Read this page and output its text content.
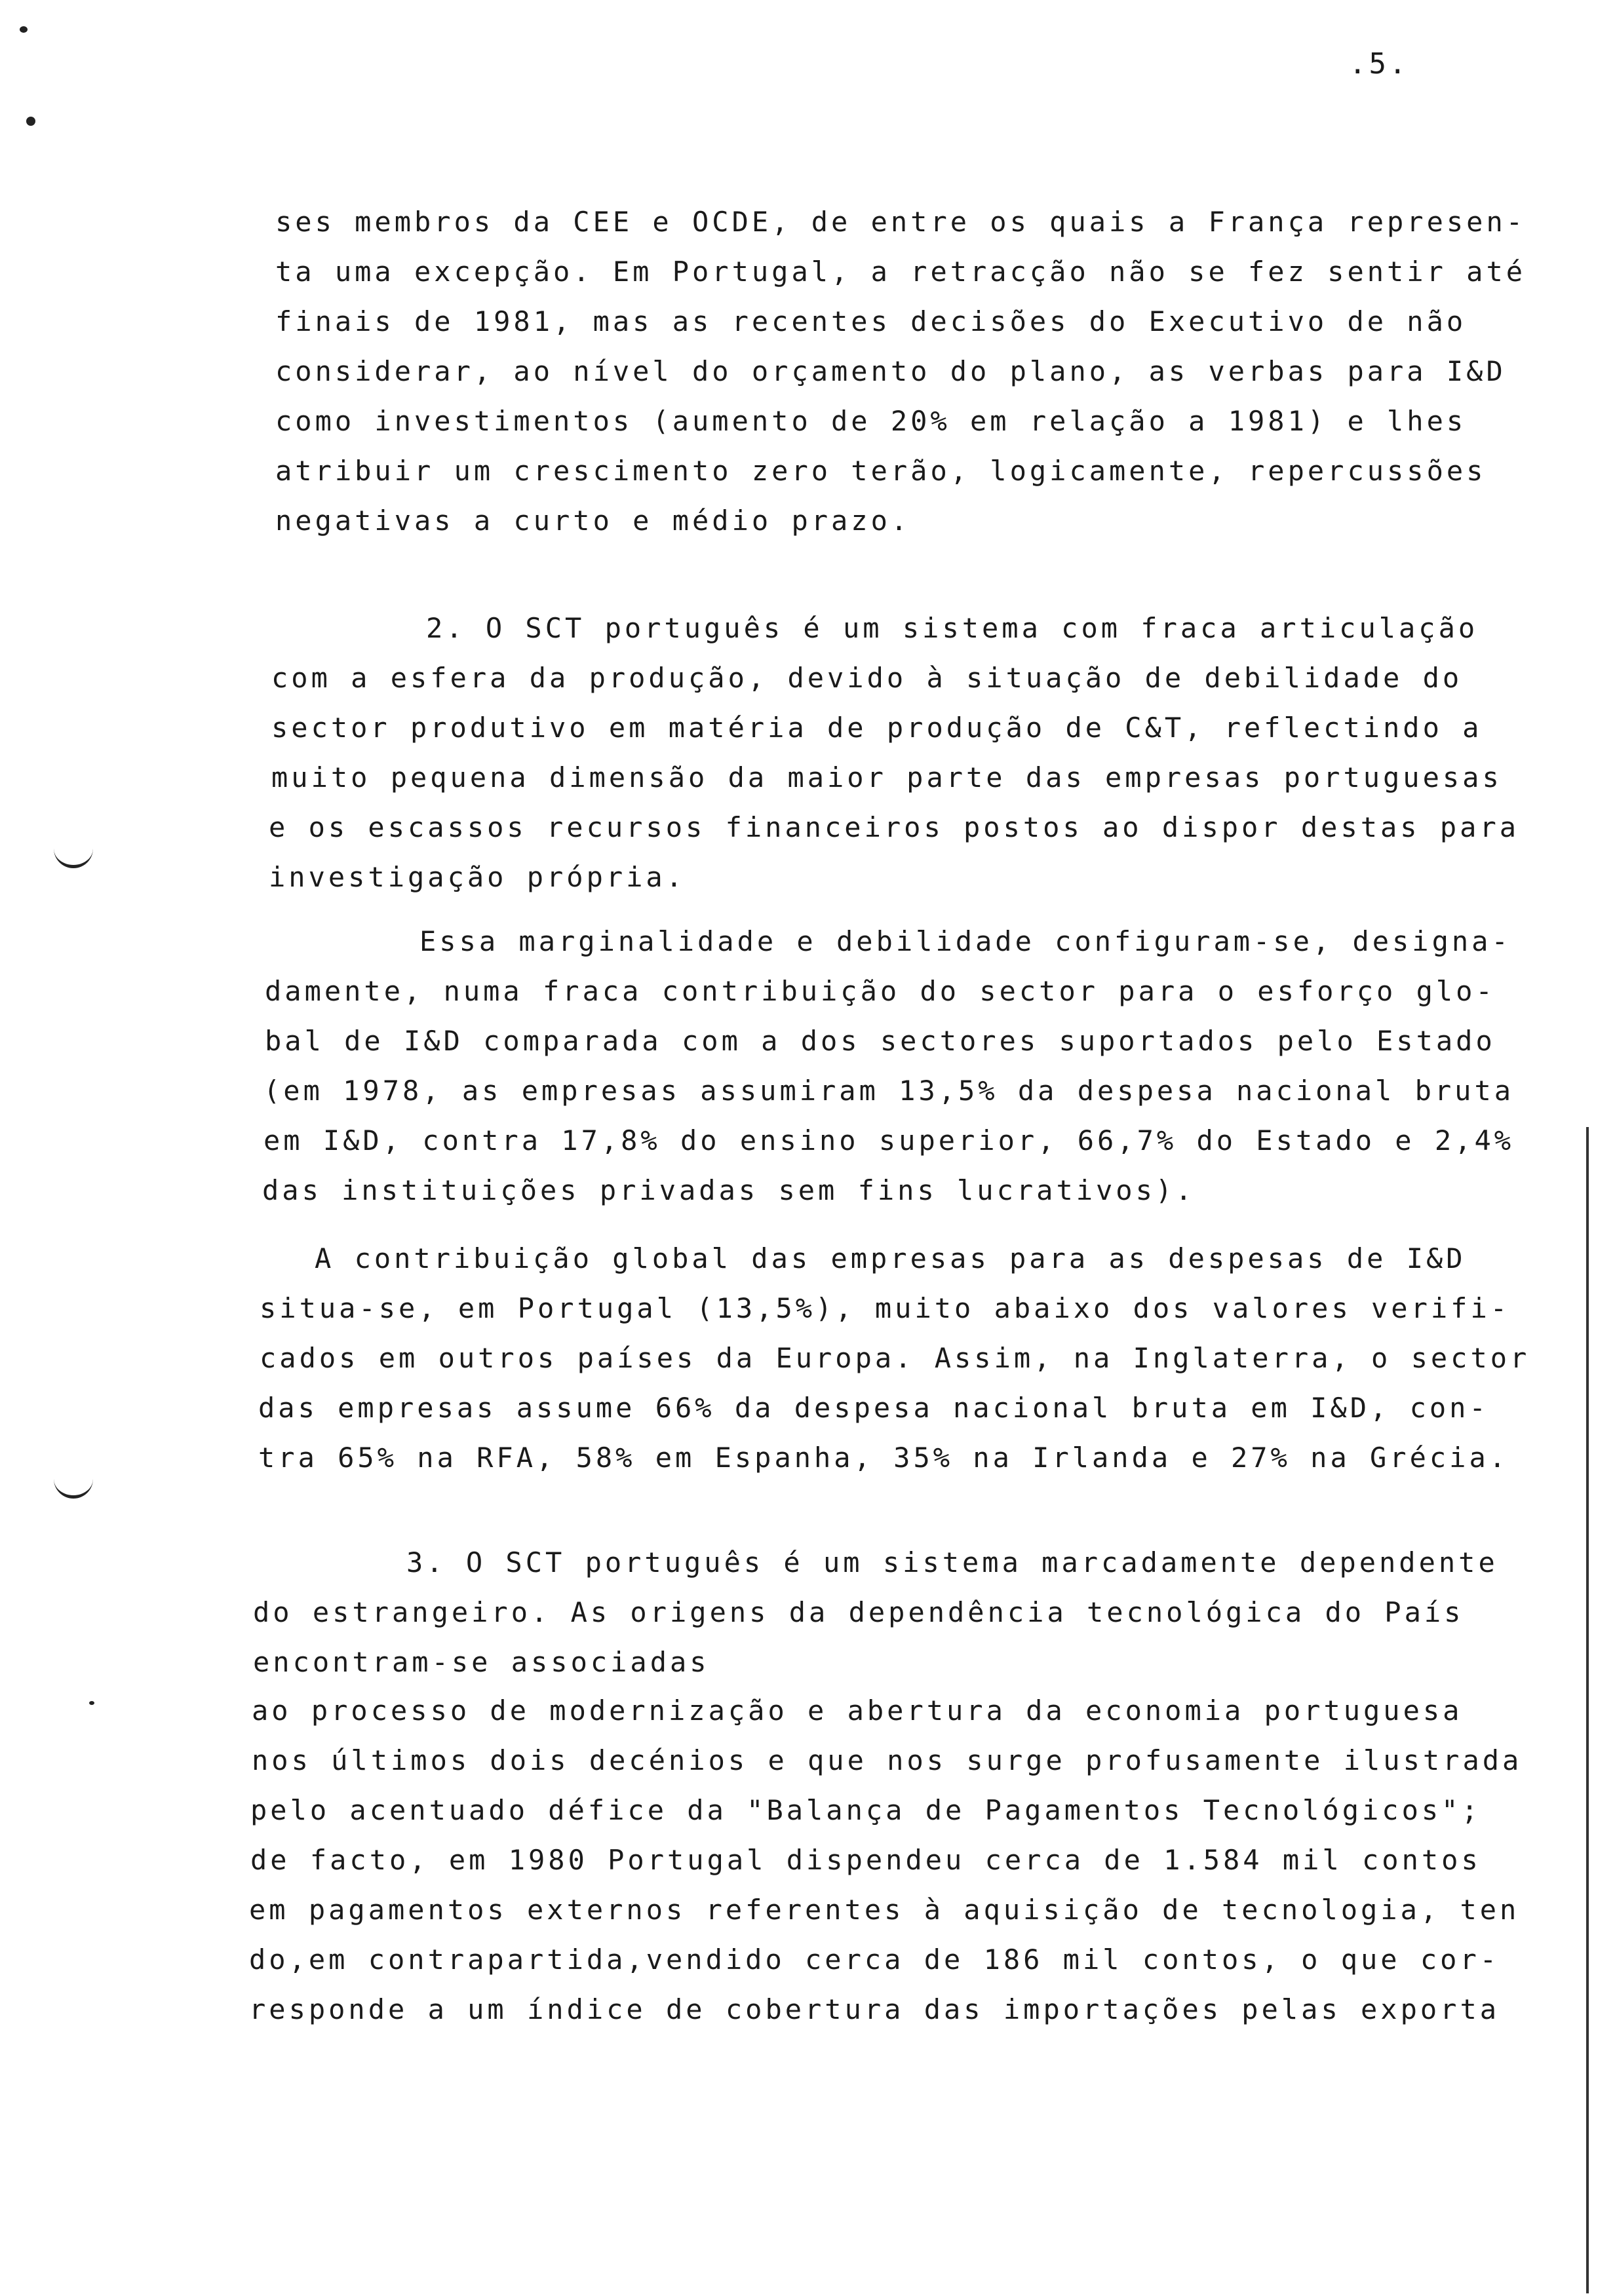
.5.
ses membros da CEE e OCDE, de entre os quais a França represen-
ta uma excepção. Em Portugal, a retracção não se fez sentir até
finais de 1981, mas as recentes decisões do Executivo de não
considerar, ao nível do orçamento do plano, as verbas para I&D
como investimentos (aumento de 20% em relação a 1981) e lhes
atribuir um crescimento zero terão, logicamente, repercussões
negativas a curto e médio prazo.
2. O SCT português é um sistema com fraca articulação
com a esfera da produção, devido à situação de debilidade do
sector produtivo em matéria de produção de C&T, reflectindo a
muito pequena dimensão da maior parte das empresas portuguesas
e os escassos recursos financeiros postos ao dispor destas para
investigação própria.
Essa marginalidade e debilidade configuram-se, designa-
damente, numa fraca contribuição do sector para o esforço glo-
bal de I&D comparada com a dos sectores suportados pelo Estado
(em 1978, as empresas assumiram 13,5% da despesa nacional bruta
em I&D, contra 17,8% do ensino superior, 66,7% do Estado e 2,4%
das instituições privadas sem fins lucrativos).
A contribuição global das empresas para as despesas de I&D
situa-se, em Portugal (13,5%), muito abaixo dos valores verifi-
cados em outros países da Europa. Assim, na Inglaterra, o sector
das empresas assume 66% da despesa nacional bruta em I&D, con-
tra 65% na RFA, 58% em Espanha, 35% na Irlanda e 27% na Grécia.
3. O SCT português é um sistema marcadamente dependente
do estrangeiro. As origens da dependência tecnológica do País
encontram-se associadas
ao processo de modernização e abertura da economia portuguesa
nos últimos dois decénios e que nos surge profusamente ilustrada
pelo acentuado défice da "Balança de Pagamentos Tecnológicos";
de facto, em 1980 Portugal dispendeu cerca de 1.584 mil contos
em pagamentos externos referentes à aquisição de tecnologia, ten
do,em contrapartida,vendido cerca de 186 mil contos, o que cor-
responde a um índice de cobertura das importações pelas exporta
